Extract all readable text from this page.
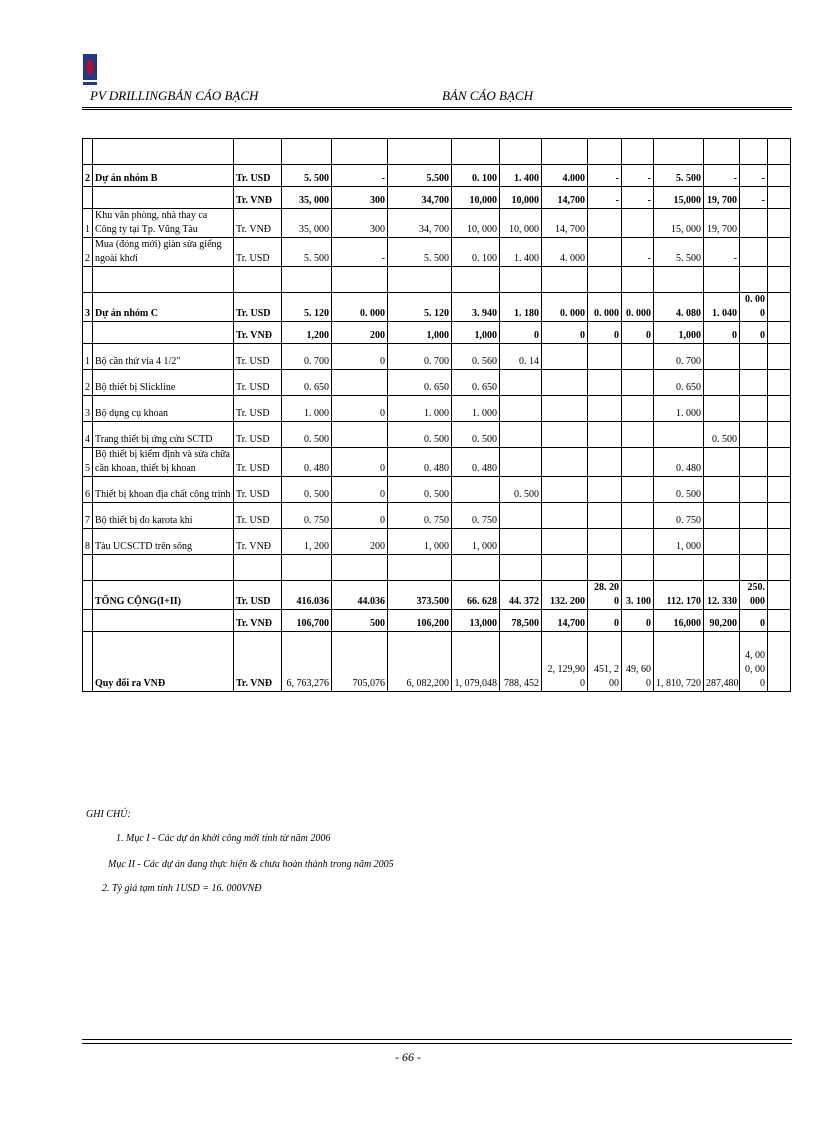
PV DRILLINGBẢN CÁO BẠCH	BẢN CÁO BẠCH

2	Dự án nhóm B	Tr. USD	5. 500	-	5.500	0. 100	1. 400	4.000	-	-	5. 500	-	-	
		Tr. VNĐ	35, 000	300	34,700	10,000	10,000	14,700	-	-	15,000	19, 700	-	
1	Khu văn phòng, nhà thay ca Công ty tại Tp. Vũng Tàu	Tr. VNĐ	35, 000	300	34, 700	10, 000	10, 000	14, 700			15, 000	19, 700		
2	Mua (đóng mới) giàn sửa giếng ngoài khơi	Tr. USD	5. 500	-	5. 500	0. 100	1. 400	4. 000		-	5. 500	-		

3	Dự án nhóm C	Tr. USD	5. 120	0. 000	5. 120	3. 940	1. 180	0. 000	0. 000	0. 000	4. 080	1. 040	0. 000	
		Tr. VNĐ	1,200	200	1,000	1,000	0	0	0	0	1,000	0	0	
1	Bộ cần thử vỉa 4 1/2"	Tr. USD	0. 700	0	0. 700	0. 560	0. 14				0. 700			
2	Bộ thiết bị Slickline	Tr. USD	0. 650		0. 650	0. 650					0. 650			
3	Bộ dụng cụ khoan	Tr. USD	1. 000	0	1. 000	1. 000					1. 000			
4	Trang thiết bị ứng cứu SCTD	Tr. USD	0. 500		0. 500	0. 500						0. 500		
5	Bộ thiết bị kiểm định và sửa chữa cần khoan, thiết bị khoan	Tr. USD	0. 480	0	0. 480	0. 480					0. 480			
6	Thiết bị khoan địa chất công trình	Tr. USD	0. 500	0	0. 500		0. 500				0. 500			
7	Bộ thiết bị đo karota khí	Tr. USD	0. 750	0	0. 750	0. 750					0. 750			
8	Tàu UCSCTD trên sông	Tr. VNĐ	1, 200	200	1, 000	1, 000					1, 000			

	TỔNG CỘNG(I+II)	Tr. USD	416.036	44.036	373.500	66. 628	44. 372	132. 200	28. 200	3. 100	112. 170	12. 330	250. 000	
		Tr. VNĐ	106,700	500	106,200	13,000	78,500	14,700	0	0	16,000	90,200	0	
	Quy đổi ra VNĐ	Tr. VNĐ	6, 763,276	705,076	6, 082,200	1, 079,048	788, 452	2, 129,900	451, 200	49, 600	1, 810, 720	287,480	4, 000, 000	
GHI CHÚ:
1. Mục I - Các dự án khởi công mới tính từ năm 2006
Mục II - Các dự án đang thực hiện & chưa hoàn thành trong năm 2005
2. Tỷ giá tạm tính 1USD = 16. 000VNĐ
- 66 -
